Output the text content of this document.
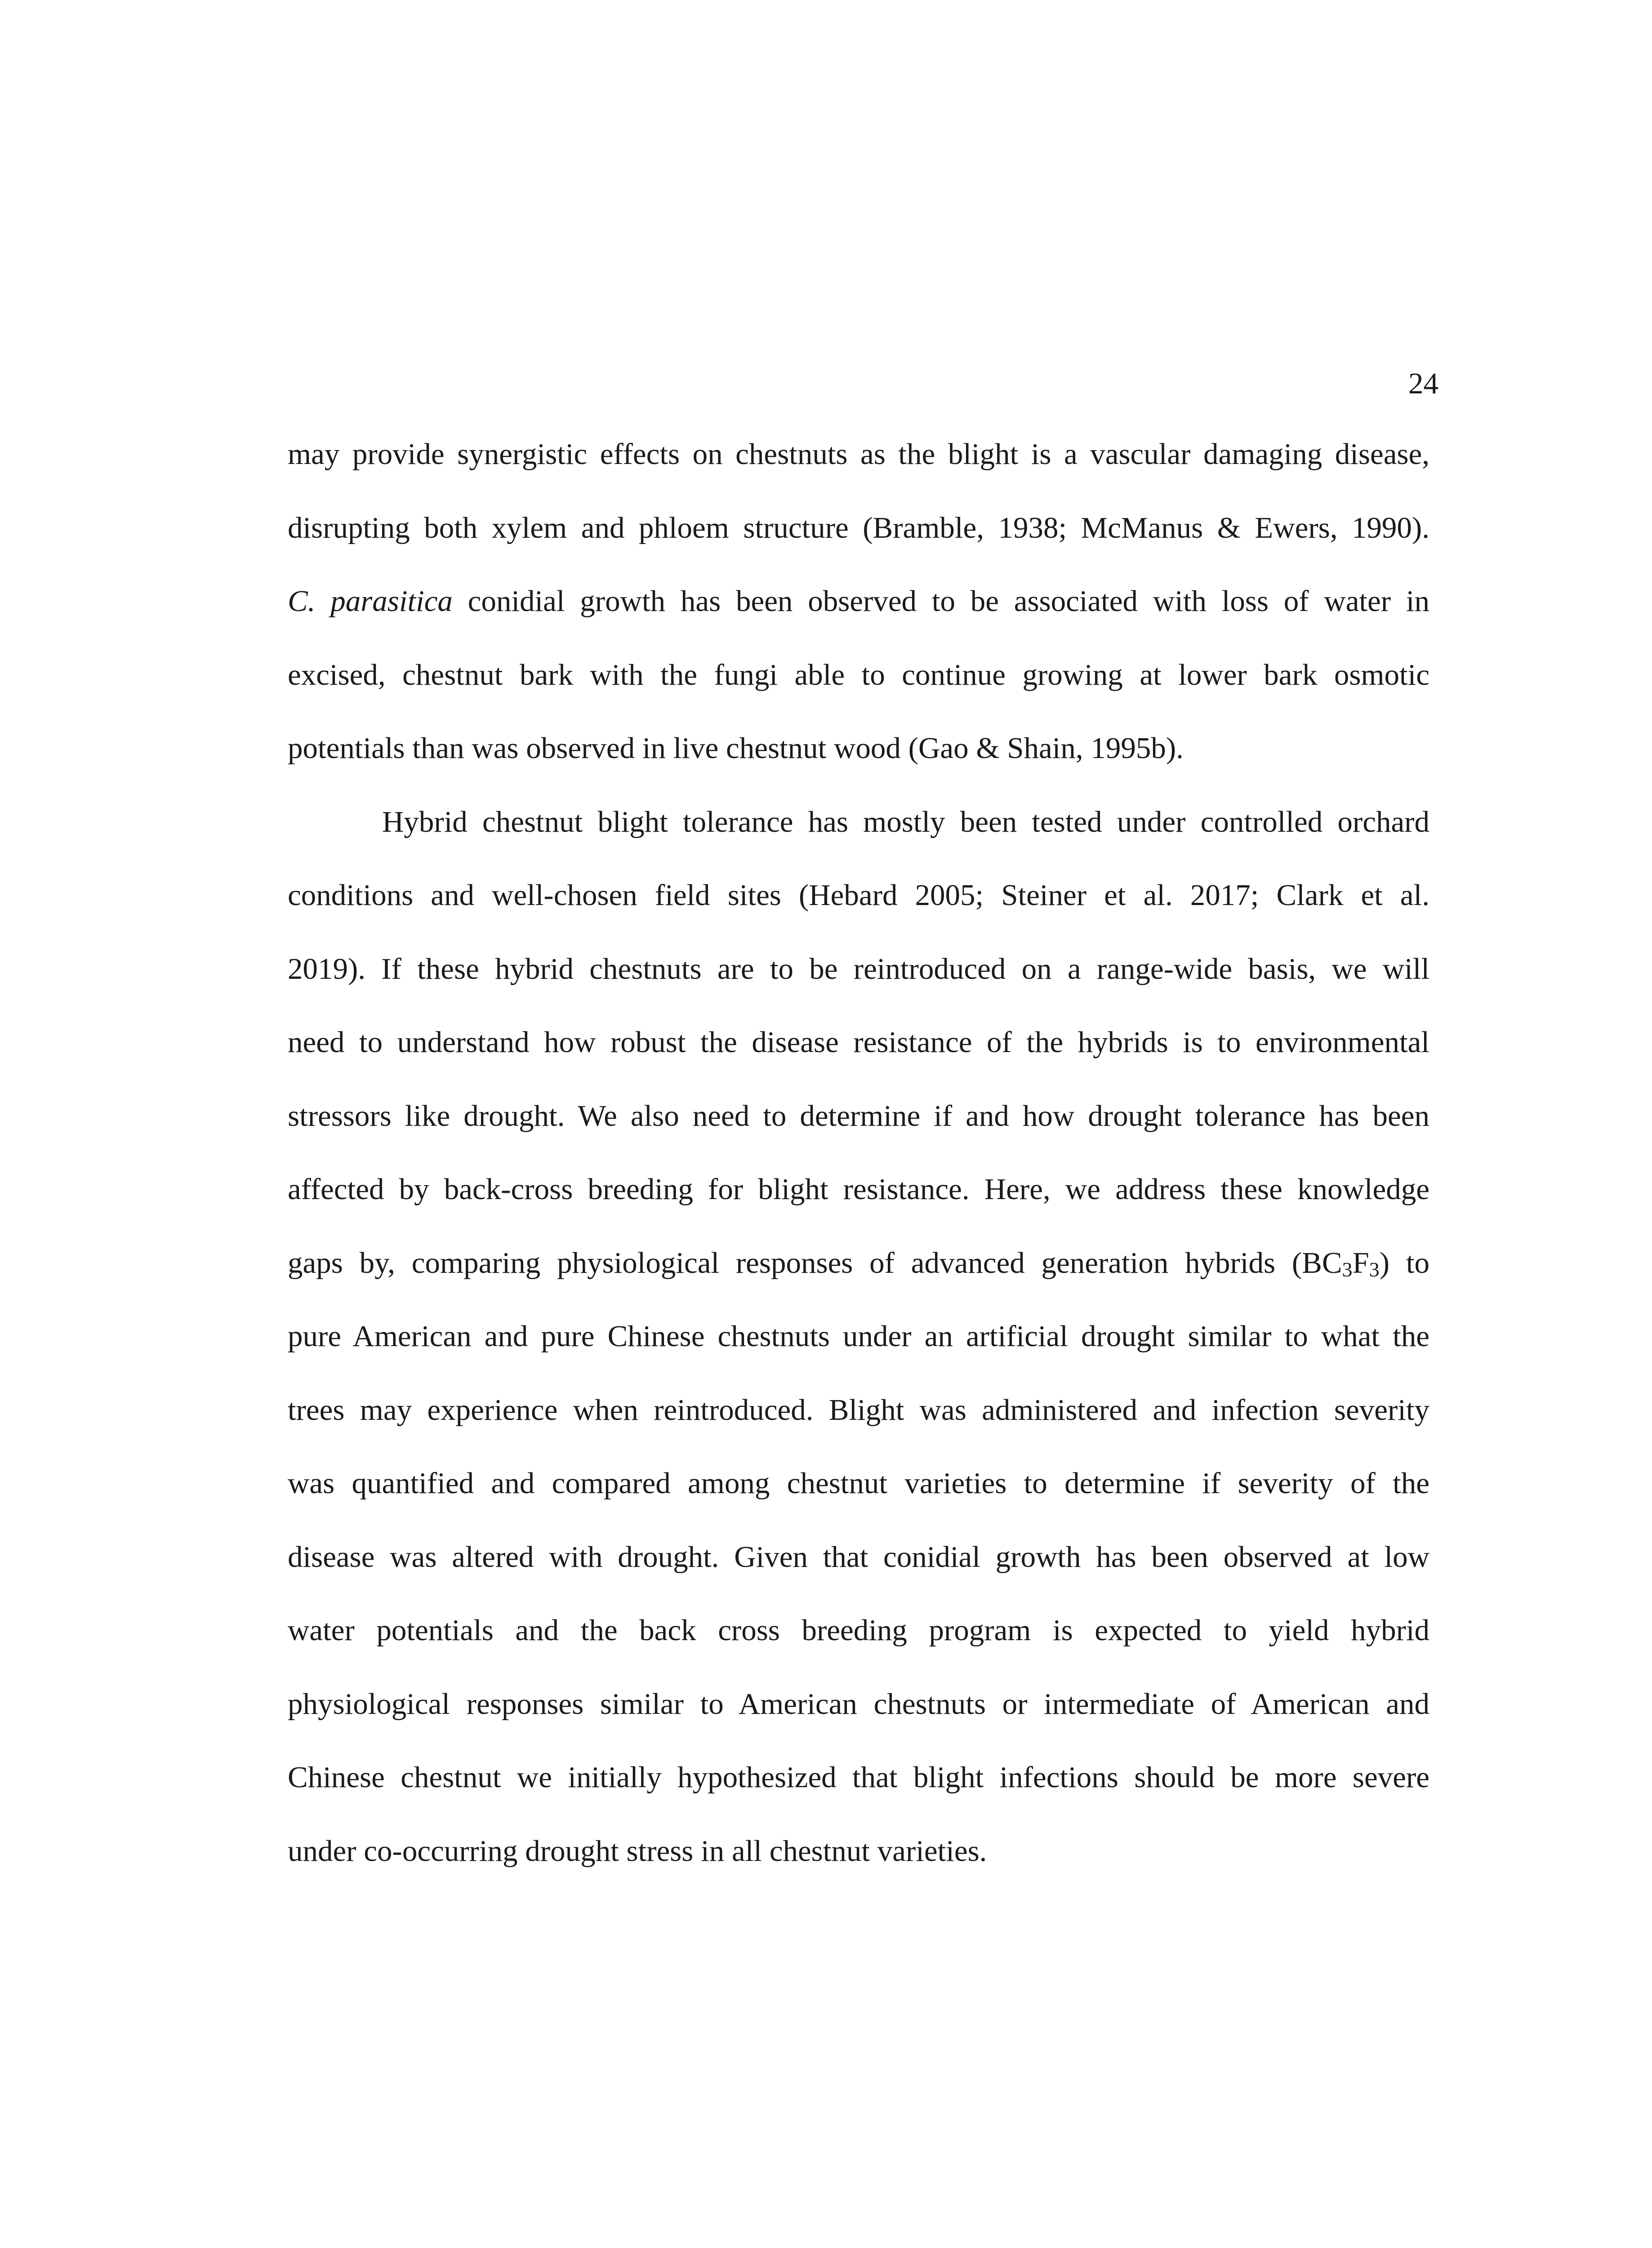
24
may provide synergistic effects on chestnuts as the blight is a vascular damaging disease,
disrupting both xylem and phloem structure (Bramble, 1938; McManus & Ewers, 1990).
C. parasitica conidial growth has been observed to be associated with loss of water in
excised, chestnut bark with the fungi able to continue growing at lower bark osmotic
potentials than was observed in live chestnut wood (Gao & Shain, 1995b).
Hybrid chestnut blight tolerance has mostly been tested under controlled orchard
conditions and well-chosen field sites (Hebard 2005; Steiner et al. 2017; Clark et al.
2019). If these hybrid chestnuts are to be reintroduced on a range-wide basis, we will
need to understand how robust the disease resistance of the hybrids is to environmental
stressors like drought. We also need to determine if and how drought tolerance has been
affected by back-cross breeding for blight resistance. Here, we address these knowledge
gaps by, comparing physiological responses of advanced generation hybrids (BC3F3) to
pure American and pure Chinese chestnuts under an artificial drought similar to what the
trees may experience when reintroduced. Blight was administered and infection severity
was quantified and compared among chestnut varieties to determine if severity of the
disease was altered with drought. Given that conidial growth has been observed at low
water potentials and the back cross breeding program is expected to yield hybrid
physiological responses similar to American chestnuts or intermediate of American and
Chinese chestnut we initially hypothesized that blight infections should be more severe
under co-occurring drought stress in all chestnut varieties.
